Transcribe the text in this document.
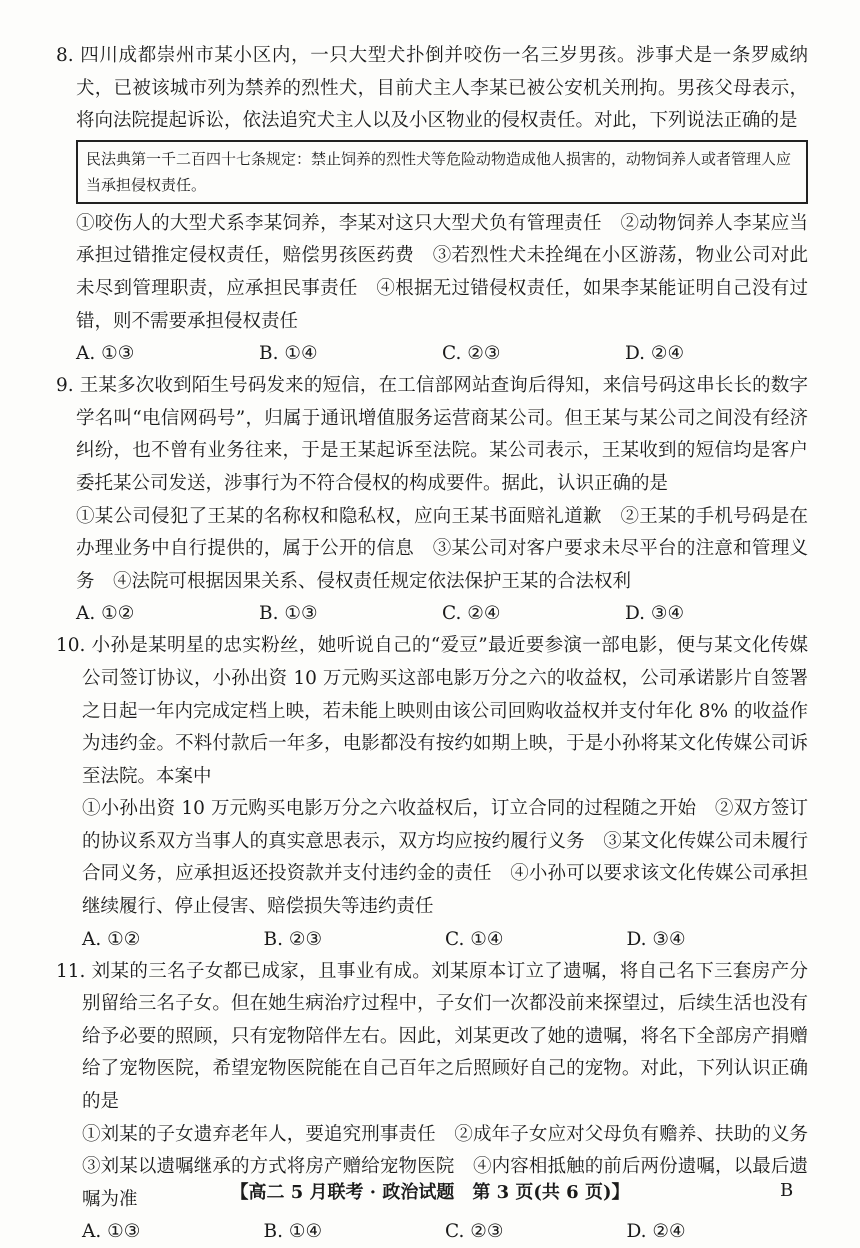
8. 四川成都崇州市某小区内，一只大型犬扑倒并咬伤一名三岁男孩。涉事犬是一条罗威纳犬，已被该城市列为禁养的烈性犬，目前犬主人李某已被公安机关刑拘。男孩父母表示，将向法院提起诉讼，依法追究犬主人以及小区物业的侵权责任。对此，下列说法正确的是

民法典第一千二百四十七条规定：禁止饲养的烈性犬等危险动物造成他人损害的，动物饲养人或者管理人应当承担侵权责任。

①咬伤人的大型犬系李某饲养，李某对这只大型犬负有管理责任　②动物饲养人李某应当承担过错推定侵权责任，赔偿男孩医药费　③若烈性犬未拴绳在小区游荡，物业公司对此未尽到管理职责，应承担民事责任　④根据无过错侵权责任，如果李某能证明自己没有过错，则不需要承担侵权责任

A. ①③	B. ①④	C. ②③	D. ②④

9. 王某多次收到陌生号码发来的短信，在工信部网站查询后得知，来信号码这串长长的数字学名叫“电信网码号”，归属于通讯增值服务运营商某公司。但王某与某公司之间没有经济纠纷，也不曾有业务往来，于是王某起诉至法院。某公司表示，王某收到的短信均是客户委托某公司发送，涉事行为不符合侵权的构成要件。据此，认识正确的是

①某公司侵犯了王某的名称权和隐私权，应向王某书面赔礼道歉　②王某的手机号码是在办理业务中自行提供的，属于公开的信息　③某公司对客户要求未尽平台的注意和管理义务　④法院可根据因果关系、侵权责任规定依法保护王某的合法权利

A. ①②	B. ①③	C. ②④	D. ③④

10. 小孙是某明星的忠实粉丝，她听说自己的“爱豆”最近要参演一部电影，便与某文化传媒公司签订协议，小孙出资 10 万元购买这部电影万分之六的收益权，公司承诺影片自签署之日起一年内完成定档上映，若未能上映则由该公司回购收益权并支付年化 8% 的收益作为违约金。不料付款后一年多，电影都没有按约如期上映，于是小孙将某文化传媒公司诉至法院。本案中

①小孙出资 10 万元购买电影万分之六收益权后，订立合同的过程随之开始　②双方签订的协议系双方当事人的真实意思表示，双方均应按约履行义务　③某文化传媒公司未履行合同义务，应承担返还投资款并支付违约金的责任　④小孙可以要求该文化传媒公司承担继续履行、停止侵害、赔偿损失等违约责任

A. ①②	B. ②③	C. ①④	D. ③④

11. 刘某的三名子女都已成家，且事业有成。刘某原本订立了遗嘱，将自己名下三套房产分别留给三名子女。但在她生病治疗过程中，子女们一次都没前来探望过，后续生活也没有给予必要的照顾，只有宠物陪伴左右。因此，刘某更改了她的遗嘱，将名下全部房产捐赠给了宠物医院，希望宠物医院能在自己百年之后照顾好自己的宠物。对此，下列认识正确的是

①刘某的子女遗弃老年人，要追究刑事责任　②成年子女应对父母负有赡养、扶助的义务　③刘某以遗嘱继承的方式将房产赠给宠物医院　④内容相抵触的前后两份遗嘱，以最后遗嘱为准

A. ①③	B. ①④	C. ②③	D. ②④
【高二 5 月联考 · 政治试题　第 3 页(共 6 页)】	B
